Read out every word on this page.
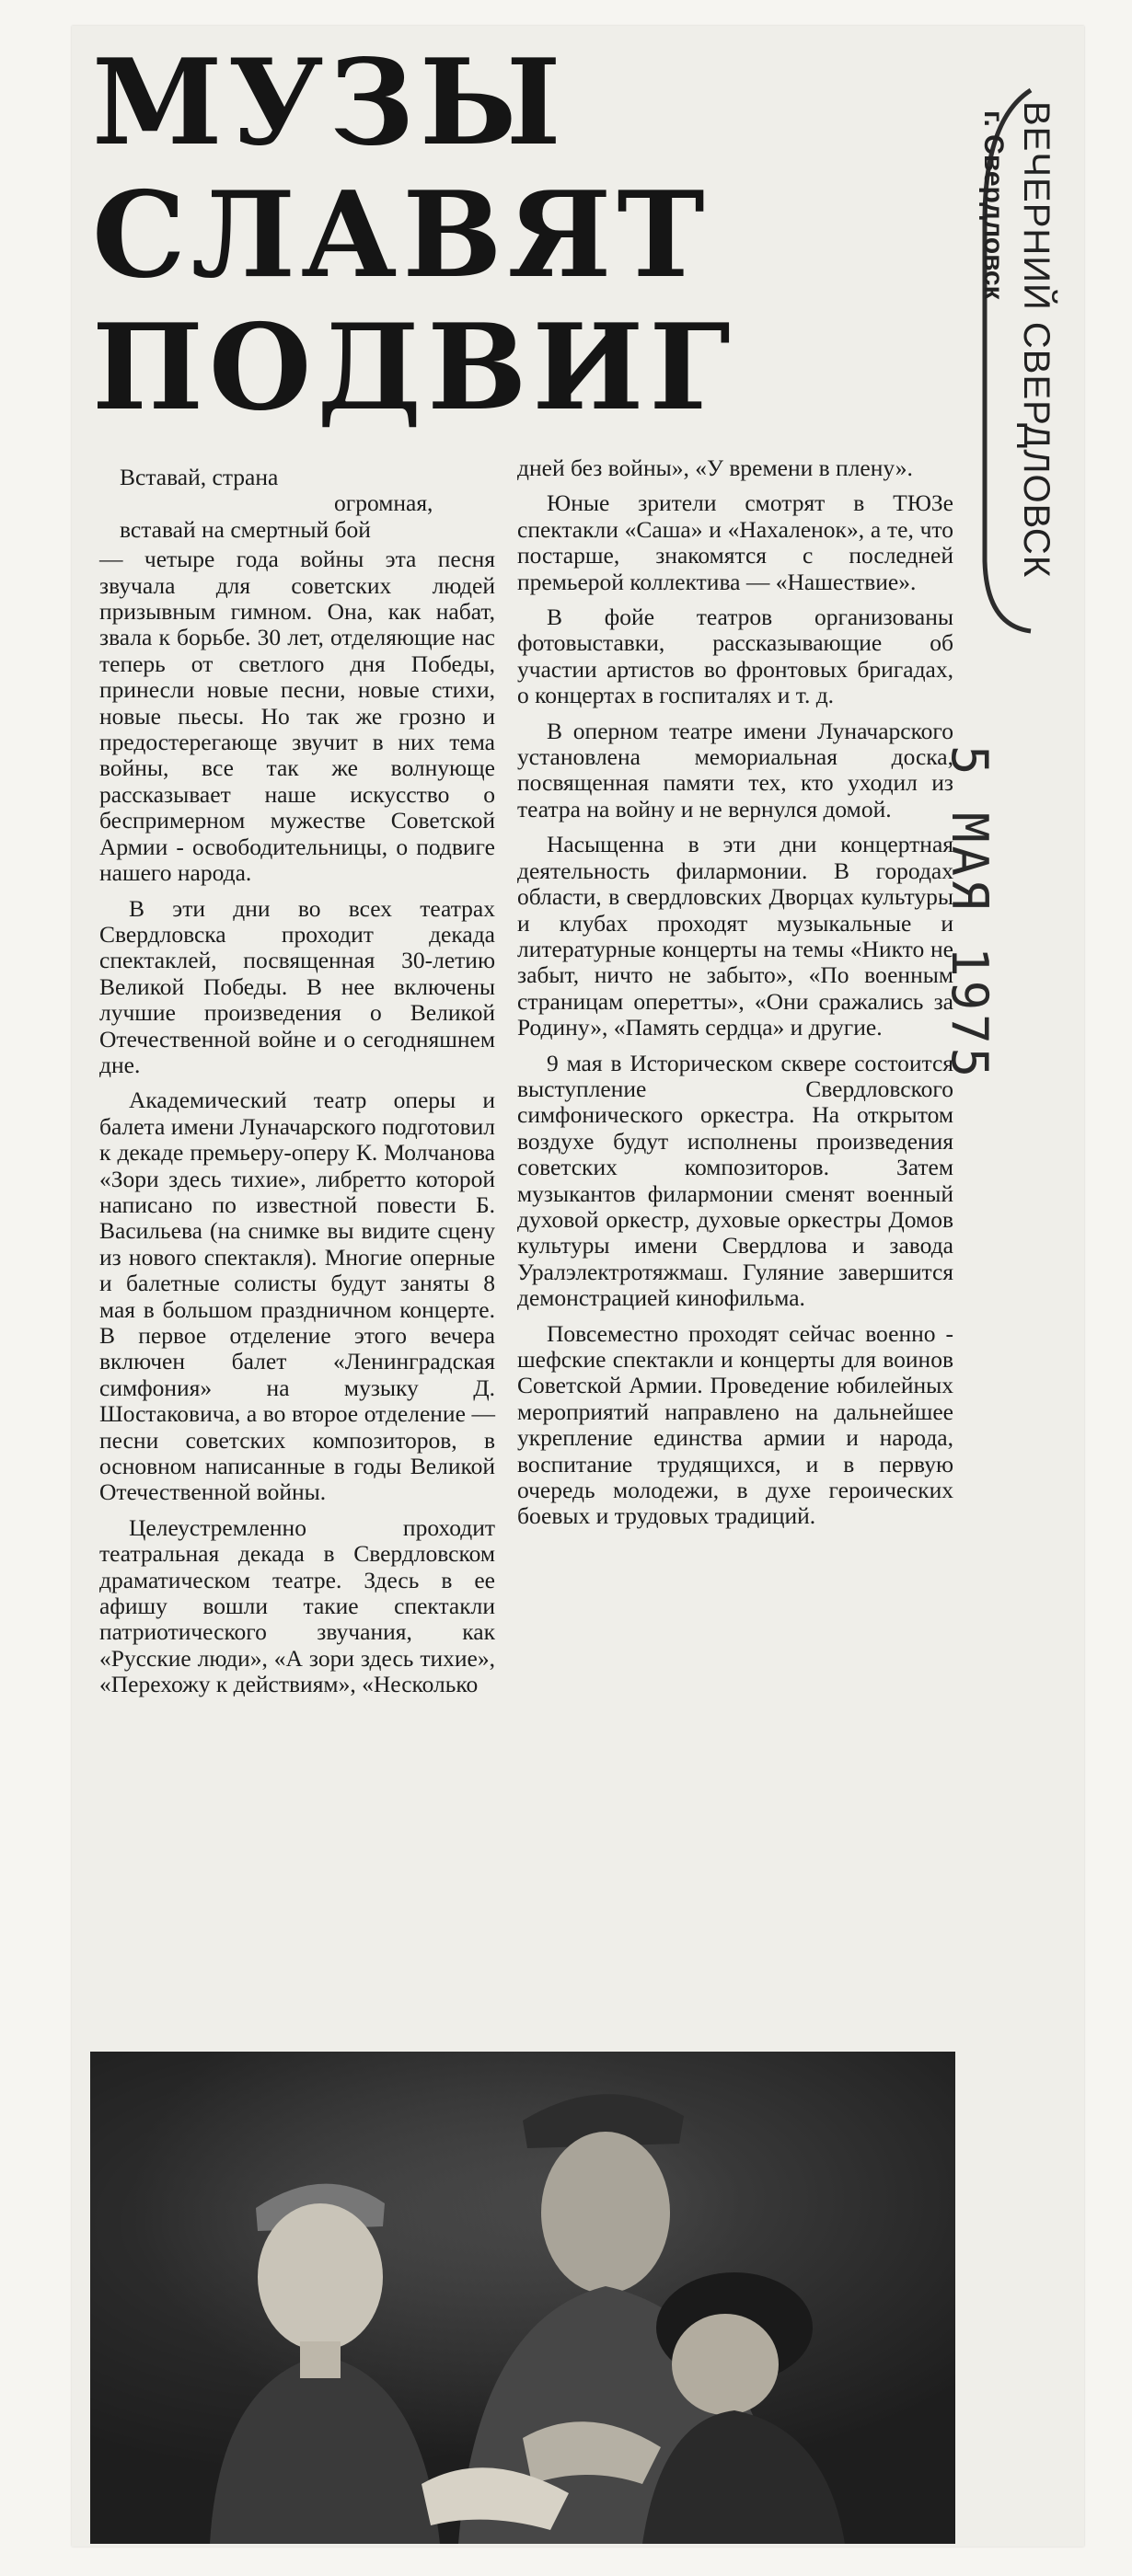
МУЗЫ
СЛАВЯТ
ПОДВИГ	ВЕЧЕРНИЙ СВЕРДЛОВСК
г. Свердловск
5 МАЯ 1975
Вставай, страна
огромная,
вставай на смертный бой

— четыре года войны эта песня звучала для советских людей призывным гимном. Она, как набат, звала к борьбе. 30 лет, отделяющие нас теперь от светлого дня Победы, принесли новые песни, новые стихи, новые пьесы. Но так же грозно и предостерегающе звучит в них тема войны, все так же волнующе рассказывает наше искусство о беспримерном мужестве Советской Армии - освободительницы, о подвиге нашего народа.

В эти дни во всех театрах Свердловска проходит декада спектаклей, посвященная 30-летию Великой Победы. В нее включены лучшие произведения о Великой Отечественной войне и о сегодняшнем дне.

Академический театр оперы и балета имени Луначарского подготовил к декаде премьеру-оперу К. Молчанова «Зори здесь тихие», либретто которой написано по известной повести Б. Васильева (на снимке вы видите сцену из нового спектакля). Многие оперные и балетные солисты будут заняты 8 мая в большом праздничном концерте. В первое отделение этого вечера включен балет «Ленинградская симфония» на музыку Д. Шостаковича, а во второе отделение — песни советских композиторов, в основном написанные в годы Великой Отечественной войны.

Целеустремленно проходит театральная декада в Свердловском драматическом театре. Здесь в ее афишу вошли такие спектакли патриотического звучания, как «Русские люди», «А зори здесь тихие», «Перехожу к действиям», «Несколько

дней без войны», «У времени в плену».

Юные зрители смотрят в ТЮЗе спектакли «Саша» и «Нахаленок», а те, что постарше, знакомятся с последней премьерой коллектива — «Нашествие».

В фойе театров организованы фотовыставки, рассказывающие об участии артистов во фронтовых бригадах, о концертах в госпиталях и т. д.

В оперном театре имени Луначарского установлена мемориальная доска, посвященная памяти тех, кто уходил из театра на войну и не вернулся домой.

Насыщенна в эти дни концертная деятельность филармонии. В городах области, в свердловских Дворцах культуры и клубах проходят музыкальные и литературные концерты на темы «Никто не забыт, ничто не забыто», «По военным страницам оперетты», «Они сражались за Родину», «Память сердца» и другие.

9 мая в Историческом сквере состоится выступление Свердловского симфонического оркестра. На открытом воздухе будут исполнены произведения советских композиторов. Затем музыкантов филармонии сменят военный духовой оркестр, духовые оркестры Домов культуры имени Свердлова и завода Уралэлектротяжмаш. Гуляние завершится демонстрацией кинофильма.

Повсеместно проходят сейчас военно - шефские спектакли и концерты для воинов Советской Армии. Проведение юбилейных мероприятий направлено на дальнейшее укрепление единства армии и народа, воспитание трудящихся, и в первую очередь молодежи, в духе героических боевых и трудовых традиций.
